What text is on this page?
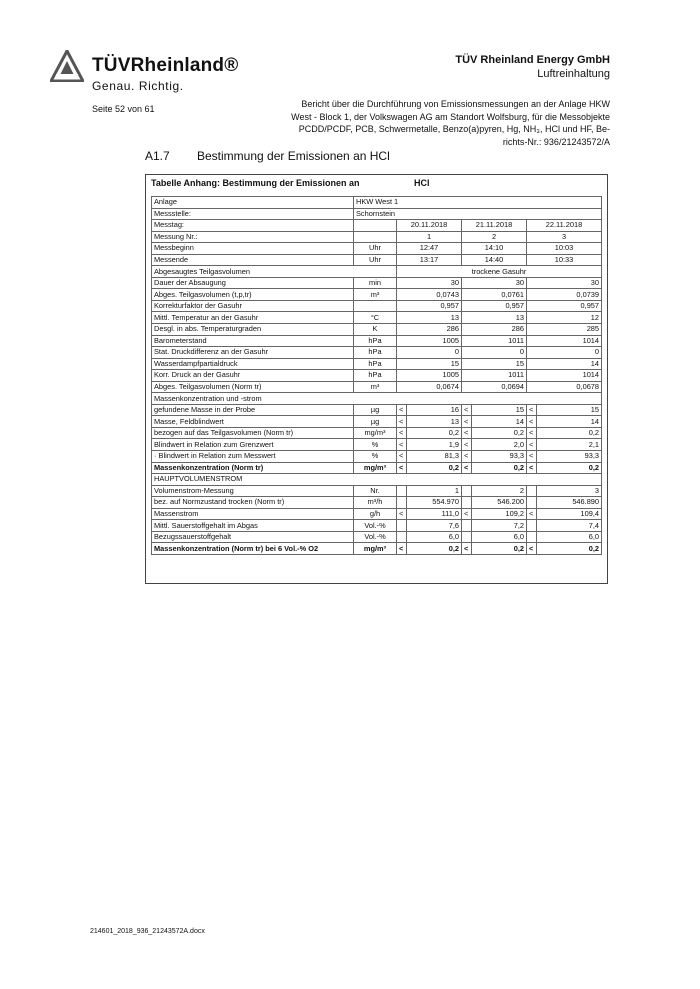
TÜVRheinland®
Genau. Richtig.
TÜV Rheinland Energy GmbH
Luftreinhaltung
Seite 52 von 61	Bericht über die Durchführung von Emissionsmessungen an der Anlage HKW
West - Block 1, der Volkswagen AG am Standort Wolfsburg, für die Messobjekte
PCDD/PCDF, PCB, Schwermetalle, Benzo(a)pyren, Hg, NH₃, HCl und HF, Be-
richts-Nr.: 936/21243572/A
A1.7 Bestimmung der Emissionen an HCl
Tabelle Anhang: Bestimmung der Emissionen an	HCl
Anlage	HKW West 1						
Messstelle:	Schornstein						
Messtag:		20.11.2018		21.11.2018		22.11.2018	
Messung Nr.:		1		2		3	
Messbeginn	Uhr	12:47		14:10		10:03	
Messende	Uhr	13:17		14:40		10:33	
Abgesaugtes Teilgasvolumen		trockene Gasuhr					
Dauer der Absaugung	min	30		30		30	
Abges. Teilgasvolumen (t,p,tr)	m³	0,0743		0,0761		0,0739	
Korrekturfaktor der Gasuhr		0,957		0,957		0,957	
Mittl. Temperatur an der Gasuhr	°C	13		13		12	
Desgl. in abs. Temperaturgraden	K	286		286		285	
Barometerstand	hPa	1005		1011		1014	
Stat. Druckdifferenz an der Gasuhr	hPa	0		0		0	
Wasserdampfpartialdruck	hPa	15		15		14	
Korr. Druck an der Gasuhr	hPa	1005		1011		1014	
Abges. Teilgasvolumen (Norm tr)	m³	0,0674		0,0694		0,0678	
Massenkonzentration und -strom							
gefundene Masse in der Probe	µg	<	16	<	15	<	15
Masse, Feldblindwert	µg	<	13	<	14	<	14
bezogen auf das Teilgasvolumen (Norm tr)	mg/m³	<	0,2	<	0,2	<	0,2
Blindwert in Relation zum Grenzwert	%	<	1,9	<	2,0	<	2,1
· Blindwert in Relation zum Messwert	%	<	81,3	<	93,3	<	93,3
Massenkonzentration (Norm tr)	mg/m³	<	0,2	<	0,2	<	0,2
HAUPTVOLUMENSTROM							
Volumenstrom-Messung	Nr.		1		2		3
bez. auf Normzustand trocken (Norm tr)	m³/h		554.970		546.200		546.890
Massenstrom	g/h	<	111,0	<	109,2	<	109,4
Mittl. Sauerstoffgehalt im Abgas	Vol.-%		7,6		7,2		7,4
Bezugssauerstoffgehalt	Vol.-%		6,0		6,0		6,0
Massenkonzentration (Norm tr) bei 6 Vol.-% O2	mg/m³	<	0,2	<	0,2	<	0,2
214601_2018_936_21243572A.docx
